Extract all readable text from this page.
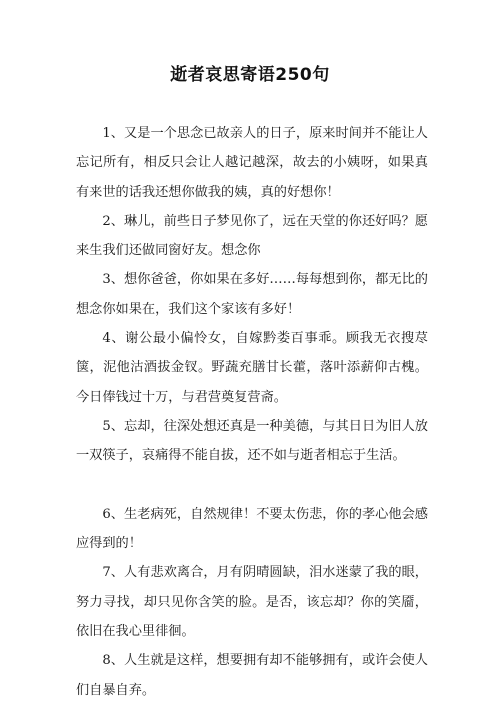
逝者哀思寄语250句

1、又是一个思念已故亲人的日子，原来时间并不能让人忘记所有，相反只会让人越记越深，故去的小姨呀，如果真有来世的话我还想你做我的姨，真的好想你！

2、琳儿，前些日子梦见你了，远在天堂的你还好吗？愿来生我们还做同窗好友。想念你

3、想你爸爸，你如果在多好……每每想到你，都无比的想念你如果在，我们这个家该有多好！

4、谢公最小偏怜女，自嫁黔娄百事乖。顾我无衣搜荩箧，泥他沽酒拔金钗。野蔬充膳甘长藿，落叶添薪仰古槐。今日俸钱过十万，与君营奠复营斋。

5、忘却，往深处想还真是一种美德，与其日日为旧人放一双筷子，哀痛得不能自拔，还不如与逝者相忘于生活。

6、生老病死，自然规律！不要太伤悲，你的孝心他会感应得到的！

7、人有悲欢离合，月有阴晴圆缺，泪水迷蒙了我的眼，努力寻找，却只见你含笑的脸。是否，该忘却？你的笑靥，依旧在我心里徘徊。

8、人生就是这样，想要拥有却不能够拥有，或许会使人们自暴自弃。
